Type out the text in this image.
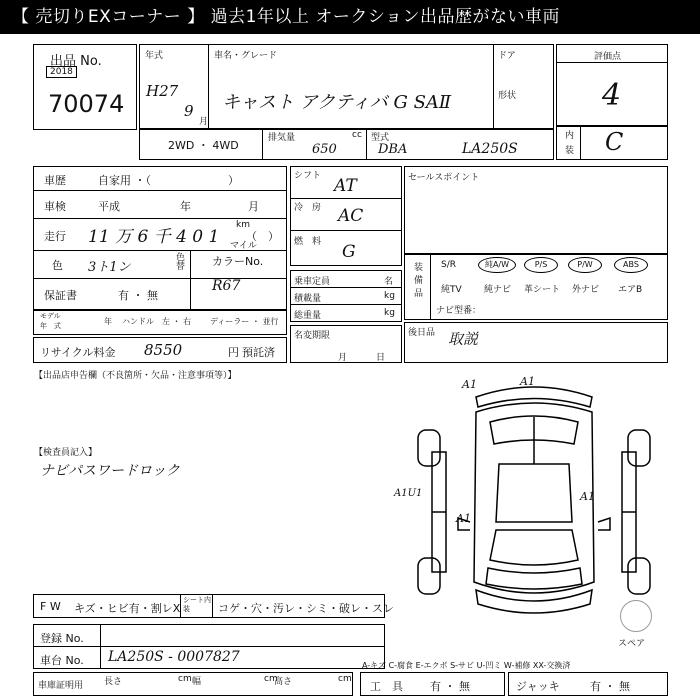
【 売切りEXコーナー 】 過去1年以上 オークション出品歴がない車両
出品 No.
2018
70074
年式
H27
9
月
車名・グレード
キャスト アクティバ G SAⅡ
ドア
形状
評価点
4
内
装 C
2WD ・ 4WD
排気量	cc
650
型式
DBA	LA250S
車歴	自家用 ・（　　　　　　　）
車検	平成	年	月
走行 11 万 6 千 4 0 1
km
マイル
（　）
色 3ト1ン	色替	カラーNo.
R67
保証書	有 ・ 無
モデル
年　式	年 ハンドル　左 ・ 右 ディーラー ・ 並行
リサイクル料金 8550	円 預託済
シフト AT
冷　房 AC
燃　料 G
乗車定員	名
積載量	kg
総重量	kg
名変期限
月	日
セールスポイント
装備品 S/R	純A/W	P/S	P/W	ABS
純TV 純ナビ 革シート 外ナビ エアB
ナビ型番：
後日品 取説
【出品店申告欄（不良箇所・欠品・注意事項等）】
【検査員記入】
ナビパスワードロック
A1	A1
A1U1	A1
A1
スペア
F W キズ・ヒビ有・割レX
シート内装	コゲ・穴・汚レ・シミ・破レ・スレ
登録 No.
車台 No. LA250S - 0007827
A-キズ C-腐食 E-エクボ S-サビ U-凹ミ W-補修 XX-交換済
車庫証明用 長さ	cm 幅	cm
高さ	cm
工　具 有 ・ 無	ジャッキ	有 ・ 無
